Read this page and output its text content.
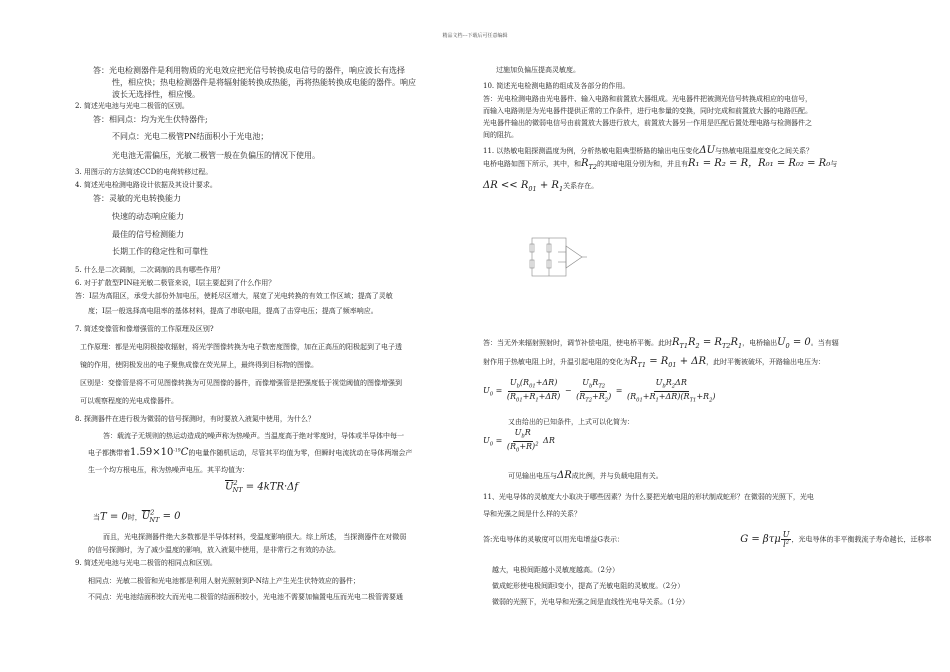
精品文档---下载后可任意编辑
答：光电检测器件是利用物质的光电效应把光信号转换成电信号的器件，响应波长有选择
性，相应快；热电检测器件是将辐射能转换成热能，再将热能转换成电能的器件。响应
波长无选择性，相应慢。
2. 简述光电池与光电二极管的区别。
答：相同点：均为光生伏特器件;
不同点：光电二极管PN结面积小于光电池；
光电池无需偏压，光敏二极管一般在负偏压的情况下使用。
3. 用图示的方法简述CCD的电荷转移过程。
4. 简述光电检测电路设计依据及其设计要求。
答：灵敏的光电转换能力
快速的动态响应能力
最佳的信号检测能力
长期工作的稳定性和可靠性
5. 什么是二次调制，二次调制的具有哪些作用？
6. 对于扩散型PIN硅光敏二极管来说，I层主要起到了什么作用？
答：I层为高阻区，承受大部份外加电压，使耗尽区增大，展宽了光电转换的有效工作区域；提高了灵敏
度；I层一般选择高电阻率的基体材料，提高了串联电阻，提高了击穿电压；提高了频率响应。
7. 简述变像管和像增强管的工作原理及区别?
工作原理：都是光电阴极接收辐射，将光学图像转换为电子数密度图像，加在正高压的阳极起到了电子透
镜的作用，使阴极发出的电子聚焦成像在荧光屏上，最终得到目标物的图像。
区别是：变像管是将不可见图像转换为可见图像的器件，而像增强管是把强度低于视觉阈值的图像增强到
可以观察程度的光电成像器件。
8. 探测器件在进行极为微弱的信号探测时，有时要放入液氮中使用，为什么？
答：载流子无规则的热运动造成的噪声称为热噪声。当温度高于绝对零度时，导体或半导体中每一
电子都携带着$1.59\times 10^{-19}C$的电量作随机运动，尽管其平均值为零，但瞬时电流扰动在导体两端会产
生一个均方根电压，称为热噪声电压。其平均值为：
$\overline{U}^2_{NT} = 4kTR\cdot\Delta f$
当T = 0时，$\overline{U}^2_{NT} = 0$
而且，光电探测器件绝大多数都是半导体材料，受温度影响很大。综上所述， 当探测器件在对微弱
的信号探测时，为了减少温度的影响，放入液氮中使用，是非常行之有效的办法。
9. 简述光电池与光电二极管的相同点和区别。
相同点：光敏二极管和光电池都是利用人射光照射到P-N结上产生光生伏特效应的器件；
不同点：光电池结面积较大而光电二极管的结面积较小，光电池不需要加偏置电压而光电二极管需要通
过施加负偏压提高灵敏度。
10. 简述光电检测电路的组成及各部分的作用。
答：光电检测电路由光电器件、输入电路和前置放大器组成。光电器件把被测光信号转换成相应的电信号，
而输入电路则是为光电器件提供正常的工作条件，进行电参量的变换，同时完成和前置放大器的电路匹配。
光电器件输出的微弱电信号由前置放大器进行放大，前置放大器另一作用是匹配后置处理电路与检测器件之
间的阻抗。
11. 以热敏电阻探测温度为例，分析热敏电阻典型桥路的输出电压变化ΔU与热敏电阻温度变化之间关系？
电桥电路如图下所示，其中，和$R_{T2}$的其暗电阻分别为和，并且有R₁ = R₂ = R，R₀₁ = R₀₂ = R₀与
$\Delta R << R_{01} + R_1$关系存在。
答：当无外来辐射照射时，调节补偿电阻，使电桥平衡。此时$R_{T1}R_2 = R_{T2}R_1$，电桥输出$U_0 = 0$。当有辐
射作用于热敏电阻上时，升温引起电阻的变化为$R_{T1} = R_{01} + \Delta R$，此时平衡被破坏，开路输出电压为：
$U_0 = \frac{U_b(R_{01}+\Delta R)}{(R_{01}+R_1+\Delta R)} - \frac{U_bR_{T2}}{(R_{T2}+R_2)} = \frac{U_bR_2\Delta R}{(R_{01}+R_1+\Delta R)(R_{T1}+R_2)}$
又由给出的已知条件，上式可以化简为：
$U_0 = \frac{U_bR}{(R_0+R)^2}$ ΔR
可见输出电压与ΔR成比例，并与负载电阻有关。
11、光电导体的灵敏度大小取决于哪些因素？为什么要把光敏电阻的形状制成蛇形？在微弱的光照下，光电
导和光强之间是什么样的关系？
答:光电导体的灵敏度可以用光电增益G表示：	G = βτμ $\frac{U}{l^2}$ ，光电导体的非平衡载流子寿命越长，迁移率
越大，电极间距越小灵敏度越高。（2分）
做成蛇形使电极间距l变小，提高了光敏电阻的灵敏度。（2分）
微弱的光照下，光电导和光强之间是直线性光电导关系。（1分）
